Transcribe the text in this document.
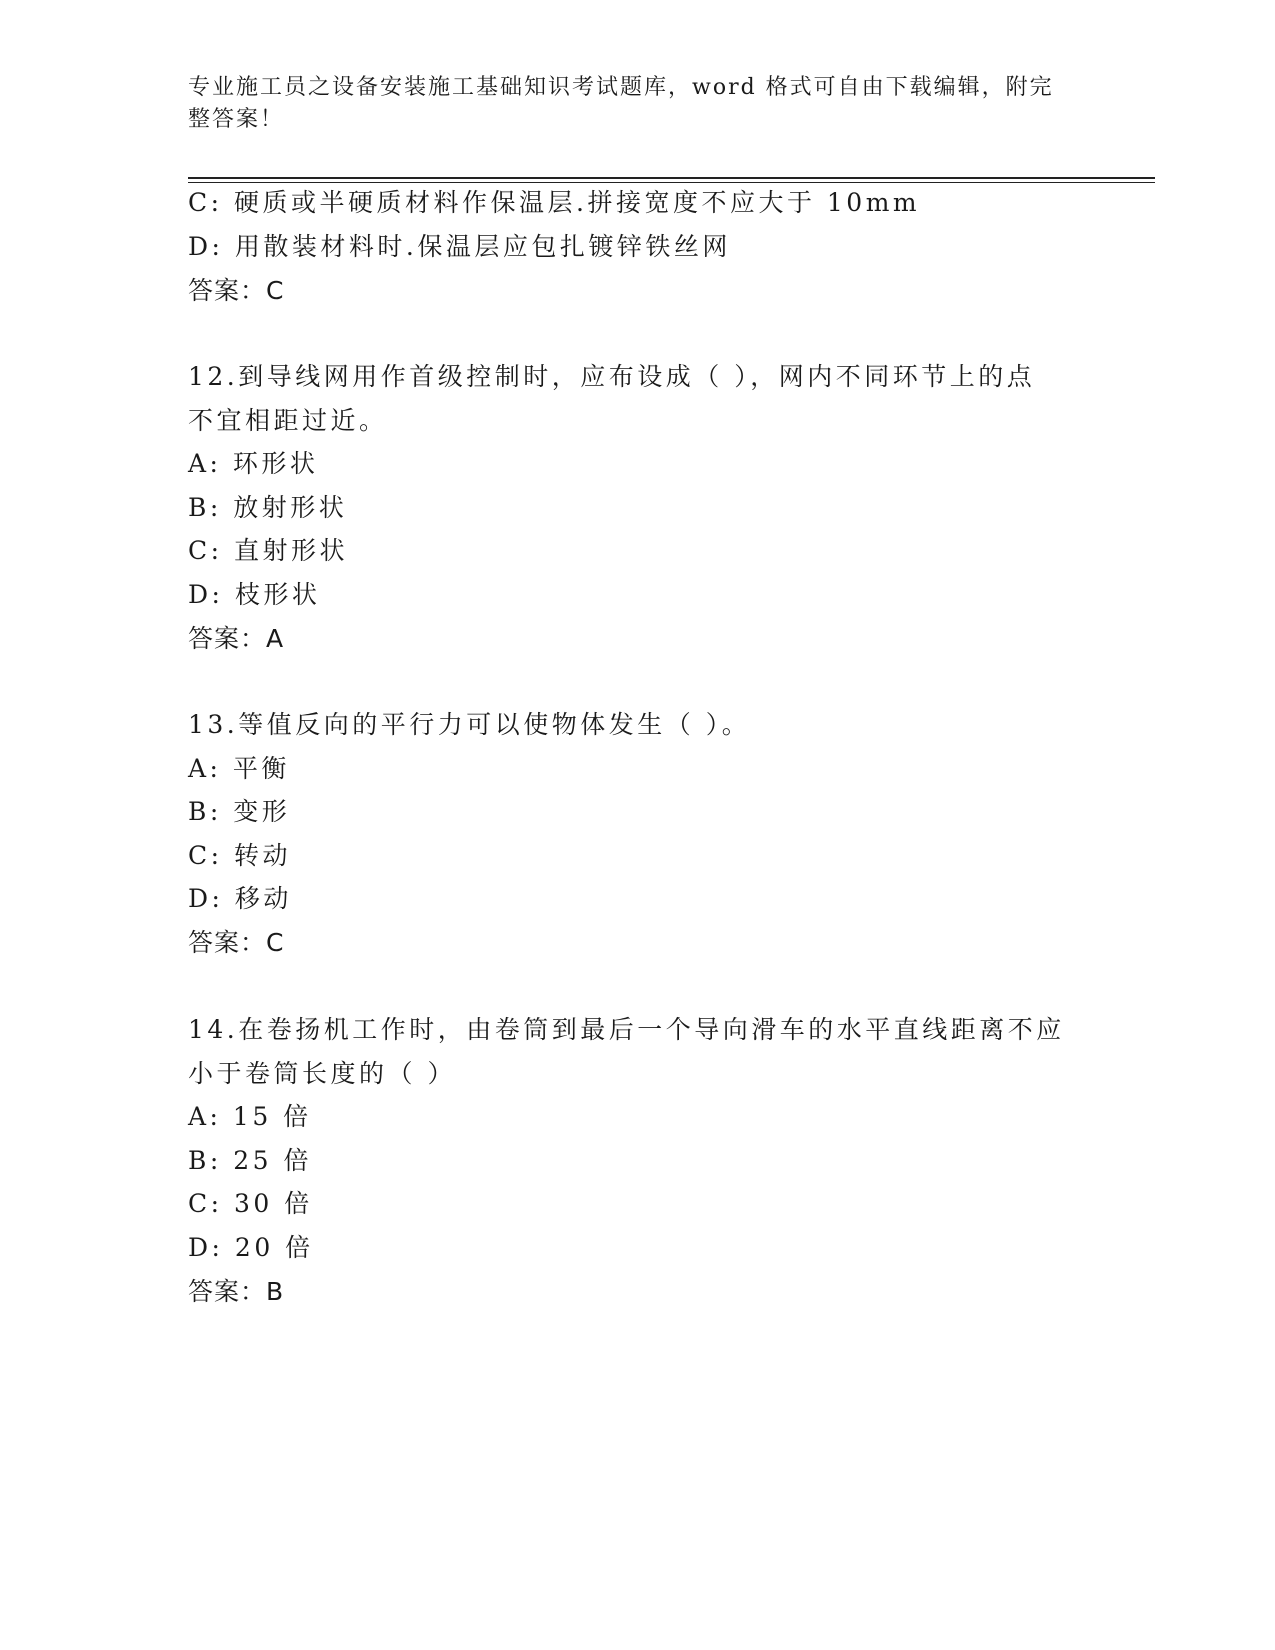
专业施工员之设备安装施工基础知识考试题库，word 格式可自由下载编辑，附完
整答案！
C: 硬质或半硬质材料作保温层.拼接宽度不应大于 10mm
D: 用散装材料时.保温层应包扎镀锌铁丝网
答案：C
12.到导线网用作首级控制时，应布设成（ ），网内不同环节上的点
不宜相距过近。
A: 环形状
B: 放射形状
C: 直射形状
D: 枝形状
答案：A
13.等值反向的平行力可以使物体发生（ ）。
A: 平衡
B: 变形
C: 转动
D: 移动
答案：C
14.在卷扬机工作时，由卷筒到最后一个导向滑车的水平直线距离不应
小于卷筒长度的（ ）
A: 15 倍
B: 25 倍
C: 30 倍
D: 20 倍
答案：B
